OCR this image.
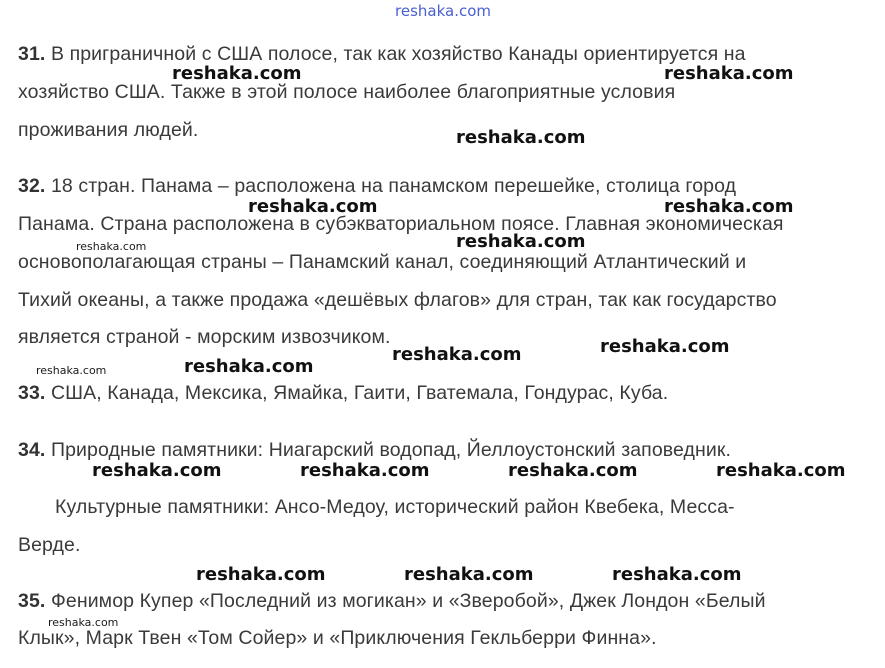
reshaka.com
31. В приграничной с США полосе, так как хозяйство Канады ориентируется на
хозяйство США. Также в этой полосе наиболее благоприятные условия
проживания людей.
32. 18 стран. Панама – расположена на панамском перешейке, столица город
Панама. Страна расположена в субэкваториальном поясе. Главная экономическая
основополагающая страны – Панамский канал, соединяющий Атлантический и
Тихий океаны, а также продажа «дешёвых флагов» для стран, так как государство
является страной - морским извозчиком.
33. США, Канада, Мексика, Ямайка, Гаити, Гватемала, Гондурас, Куба.
34. Природные памятники: Ниагарский водопад, Йеллоустонский заповедник.
Культурные памятники: Ансо-Медоу, исторический район Квебека, Месса-
Верде.
35. Фенимор Купер «Последний из могикан» и «Зверобой», Джек Лондон «Белый
Клык», Марк Твен «Том Сойер» и «Приключения Гекльберри Финна».
reshaka.com	reshaka.com
reshaka.com
reshaka.com	reshaka.com
reshaka.com
reshaka.com
reshaka.com
reshaka.com
reshaka.com
reshaka.com
reshaka.com	reshaka.com	reshaka.com	reshaka.com
reshaka.com	reshaka.com	reshaka.com
reshaka.com
